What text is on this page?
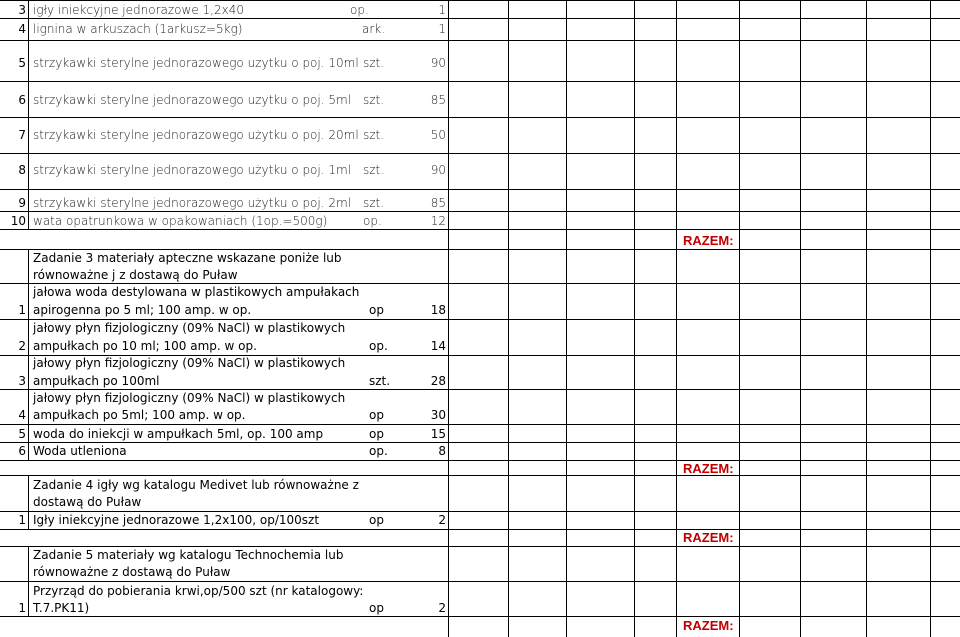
3 igły iniekcyjne jednorazowe 1,2x40	op.	1
4 lignina w arkuszach (1arkusz=5kg)	ark.	1
5 strzykawki sterylne jednorazowego uzytku o poj. 10ml szt.	90
6 strzykawki sterylne jednorazowego uzytku o poj. 5ml szt.	85
7 strzykawki sterylne jednorazowego użytku o poj. 20ml szt.	50
8 strzykawki sterylne jednorazowego użytku o poj. 1ml szt.	90
9 strzykawki sterylne jednorazowego użytku o poj. 2ml szt.	85
10 wata opatrunkowa w opakowaniach (1op.=500g)	op.	12
RAZEM:
Zadanie 3 materiały apteczne wskazane poniże lub
równoważne j z dostawą do Puław
jałowa woda destylowana w plastikowych ampułakach
1 apirogenna po 5 ml; 100 amp. w op.	op	18
jałowy płyn fizjologiczny (09% NaCl) w plastikowych
2 ampułkach po 10 ml; 100 amp. w op.	op.	14
jałowy płyn fizjologiczny (09% NaCl) w plastikowych
3 ampułkach po 100ml	szt.	28
jałowy płyn fizjologiczny (09% NaCl) w plastikowych
4 ampułkach po 5ml; 100 amp. w op.	op	30
5 woda do iniekcji w ampułkach 5ml, op. 100 amp	op	15
6 Woda utleniona	op.	8
RAZEM:
Zadanie 4 igły wg katalogu Medivet lub równoważne z
dostawą do Puław
1 Igły iniekcyjne jednorazowe 1,2x100, op/100szt	op	2
RAZEM:
Zadanie 5 materiały wg katalogu Technochemia lub
równoważne z dostawą do Puław
Przyrząd do pobierania krwi,op/500 szt (nr katalogowy:
1 T.7.PK11)	op	2
RAZEM:
